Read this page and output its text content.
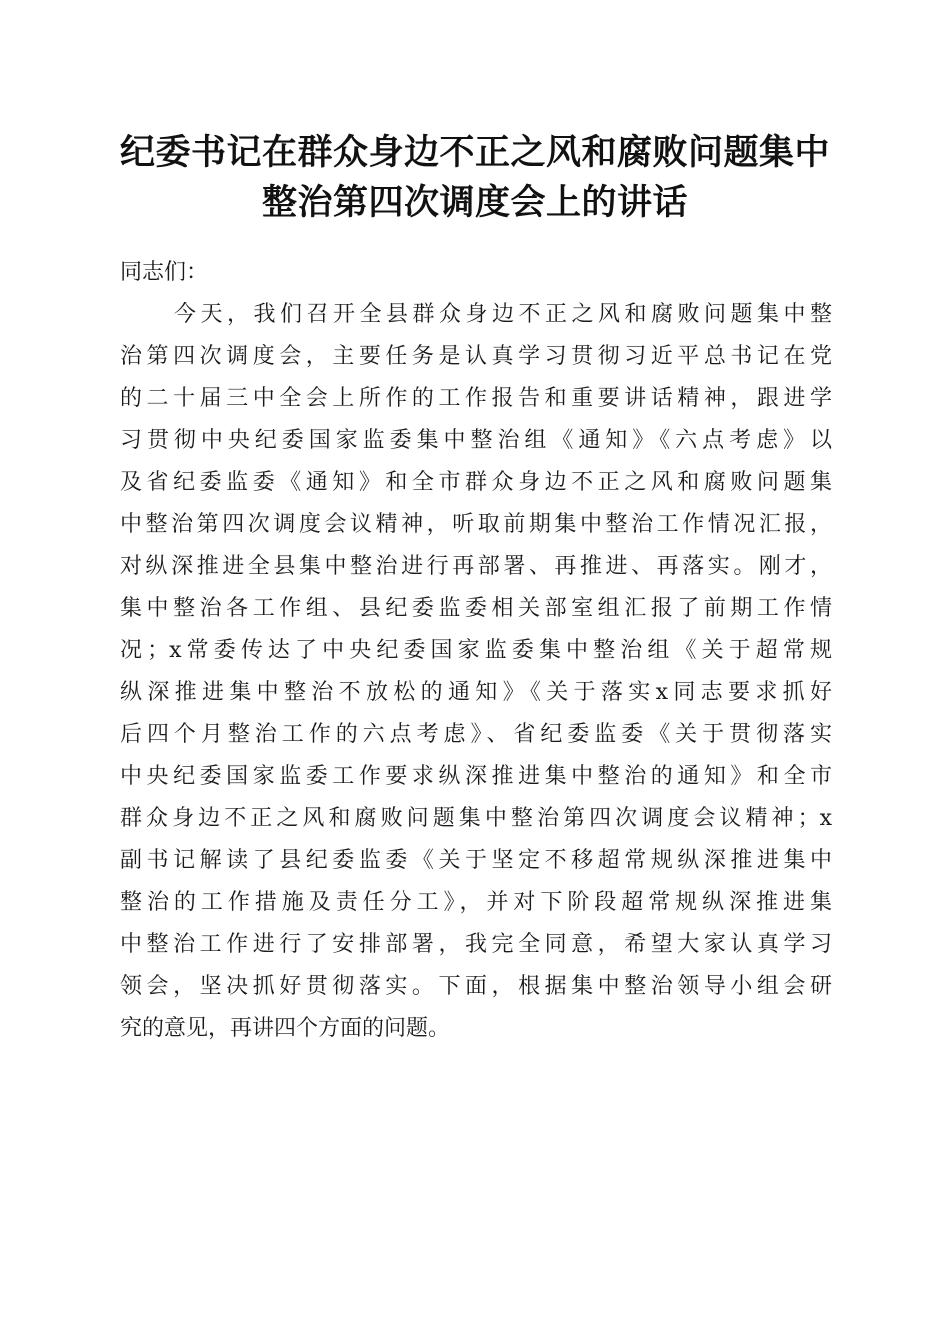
纪委书记在群众身边不正之风和腐败问题集中
整治第四次调度会上的讲话

同志们：

今天，我们召开全县群众身边不正之风和腐败问题集中整
治第四次调度会，主要任务是认真学习贯彻习近平总书记在党
的二十届三中全会上所作的工作报告和重要讲话精神，跟进学
习贯彻中央纪委国家监委集中整治组《通知》《六点考虑》以
及省纪委监委《通知》和全市群众身边不正之风和腐败问题集
中整治第四次调度会议精神，听取前期集中整治工作情况汇报，
对纵深推进全县集中整治进行再部署、再推进、再落实。刚才，
集中整治各工作组、县纪委监委相关部室组汇报了前期工作情
况；x常委传达了中央纪委国家监委集中整治组《关于超常规
纵深推进集中整治不放松的通知》《关于落实x同志要求抓好
后四个月整治工作的六点考虑》、省纪委监委《关于贯彻落实
中央纪委国家监委工作要求纵深推进集中整治的通知》和全市
群众身边不正之风和腐败问题集中整治第四次调度会议精神；x
副书记解读了县纪委监委《关于坚定不移超常规纵深推进集中
整治的工作措施及责任分工》，并对下阶段超常规纵深推进集
中整治工作进行了安排部署，我完全同意，希望大家认真学习
领会，坚决抓好贯彻落实。下面，根据集中整治领导小组会研
究的意见，再讲四个方面的问题。
